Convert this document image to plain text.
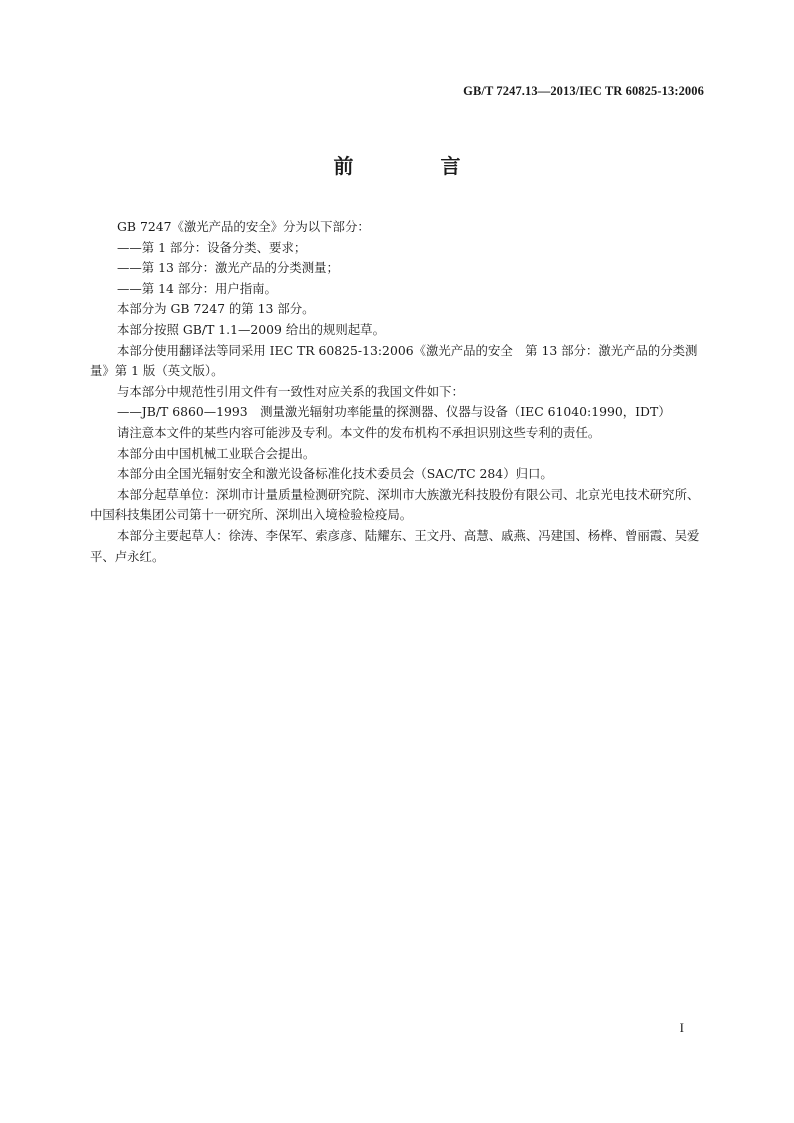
GB/T 7247.13—2013/IEC TR 60825-13:2006
前 言

GB 7247《激光产品的安全》分为以下部分：

——第 1 部分：设备分类、要求；

——第 13 部分：激光产品的分类测量；

——第 14 部分：用户指南。

本部分为 GB 7247 的第 13 部分。

本部分按照 GB/T 1.1—2009 给出的规则起草。

本部分使用翻译法等同采用 IEC TR 60825-13:2006《激光产品的安全　第 13 部分：激光产品的分类测量》第 1 版（英文版）。

与本部分中规范性引用文件有一致性对应关系的我国文件如下：

——JB/T 6860—1993　测量激光辐射功率能量的探测器、仪器与设备（IEC 61040:1990，IDT）

请注意本文件的某些内容可能涉及专利。本文件的发布机构不承担识别这些专利的责任。

本部分由中国机械工业联合会提出。

本部分由全国光辐射安全和激光设备标准化技术委员会（SAC/TC 284）归口。

本部分起草单位：深圳市计量质量检测研究院、深圳市大族激光科技股份有限公司、北京光电技术研究所、中国科技集团公司第十一研究所、深圳出入境检验检疫局。

本部分主要起草人：徐涛、李保军、索彦彦、陆耀东、王文丹、高慧、戚燕、冯建国、杨桦、曾丽霞、吴爱平、卢永红。

I
